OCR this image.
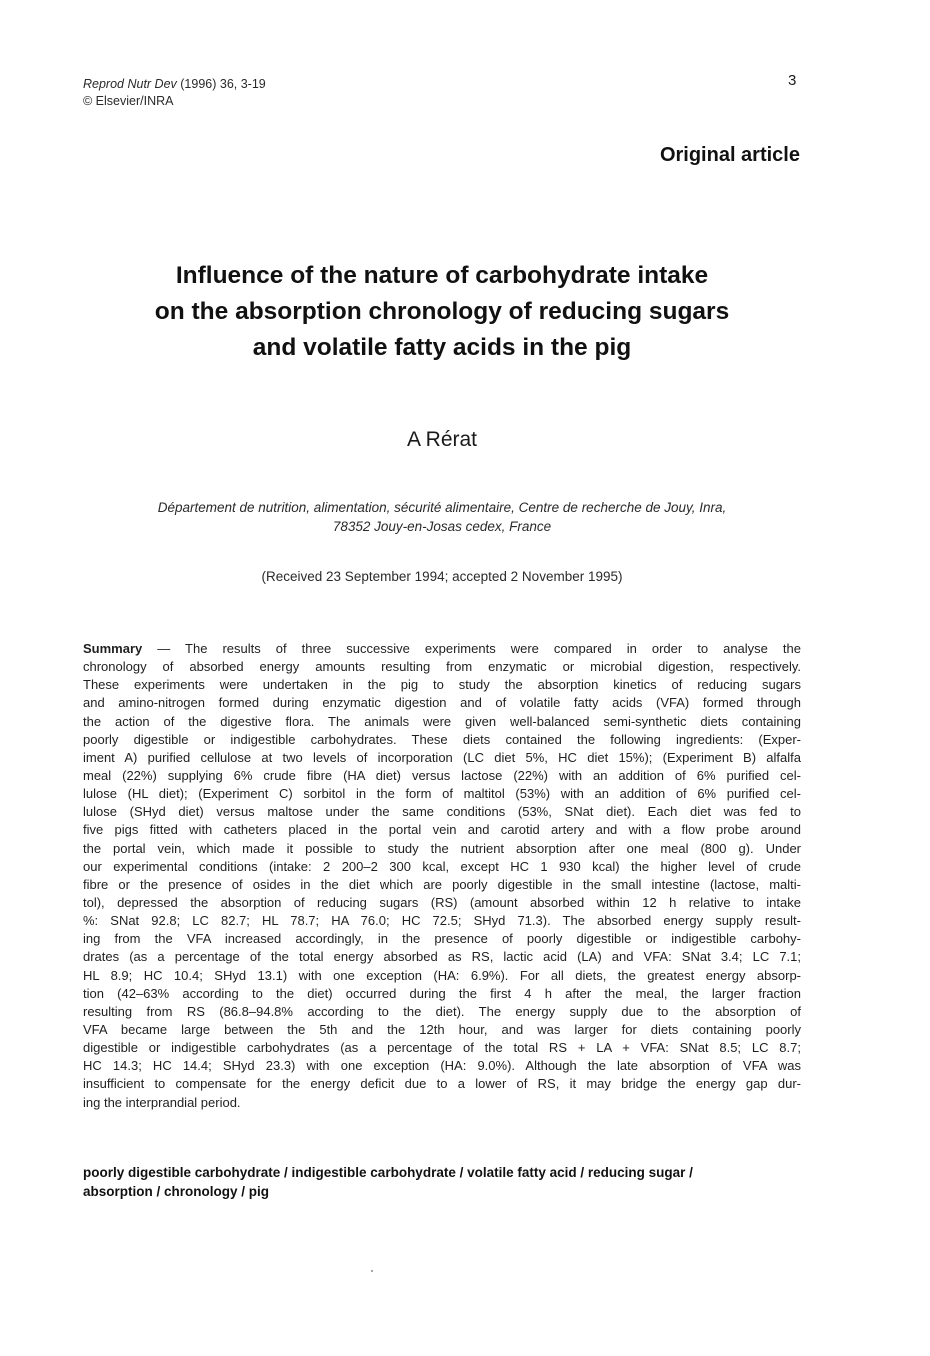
Reprod Nutr Dev (1996) 36, 3-19
© Elsevier/INRA
3
Original article
Influence of the nature of carbohydrate intake
on the absorption chronology of reducing sugars
and volatile fatty acids in the pig
A Rérat
Département de nutrition, alimentation, sécurité alimentaire, Centre de recherche de Jouy, Inra,
78352 Jouy-en-Josas cedex, France
(Received 23 September 1994; accepted 2 November 1995)
Summary — The results of three successive experiments were compared in order to analyse the
chronology of absorbed energy amounts resulting from enzymatic or microbial digestion, respectively.
These experiments were undertaken in the pig to study the absorption kinetics of reducing sugars
and amino-nitrogen formed during enzymatic digestion and of volatile fatty acids (VFA) formed through
the action of the digestive flora. The animals were given well-balanced semi-synthetic diets containing
poorly digestible or indigestible carbohydrates. These diets contained the following ingredients: (Exper-
iment A) purified cellulose at two levels of incorporation (LC diet 5%, HC diet 15%); (Experiment B) alfalfa
meal (22%) supplying 6% crude fibre (HA diet) versus lactose (22%) with an addition of 6% purified cel-
lulose (HL diet); (Experiment C) sorbitol in the form of maltitol (53%) with an addition of 6% purified cel-
lulose (SHyd diet) versus maltose under the same conditions (53%, SNat diet). Each diet was fed to
five pigs fitted with catheters placed in the portal vein and carotid artery and with a flow probe around
the portal vein, which made it possible to study the nutrient absorption after one meal (800 g). Under
our experimental conditions (intake: 2 200–2 300 kcal, except HC 1 930 kcal) the higher level of crude
fibre or the presence of osides in the diet which are poorly digestible in the small intestine (lactose, malti-
tol), depressed the absorption of reducing sugars (RS) (amount absorbed within 12 h relative to intake
%: SNat 92.8; LC 82.7; HL 78.7; HA 76.0; HC 72.5; SHyd 71.3). The absorbed energy supply result-
ing from the VFA increased accordingly, in the presence of poorly digestible or indigestible carbohy-
drates (as a percentage of the total energy absorbed as RS, lactic acid (LA) and VFA: SNat 3.4; LC 7.1;
HL 8.9; HC 10.4; SHyd 13.1) with one exception (HA: 6.9%). For all diets, the greatest energy absorp-
tion (42–63% according to the diet) occurred during the first 4 h after the meal, the larger fraction
resulting from RS (86.8–94.8% according to the diet). The energy supply due to the absorption of
VFA became large between the 5th and the 12th hour, and was larger for diets containing poorly
digestible or indigestible carbohydrates (as a percentage of the total RS + LA + VFA: SNat 8.5; LC 8.7;
HC 14.3; HC 14.4; SHyd 23.3) with one exception (HA: 9.0%). Although the late absorption of VFA was
insufficient to compensate for the energy deficit due to a lower of RS, it may bridge the energy gap dur-
ing the interprandial period.
poorly digestible carbohydrate / indigestible carbohydrate / volatile fatty acid / reducing sugar /
absorption / chronology / pig
